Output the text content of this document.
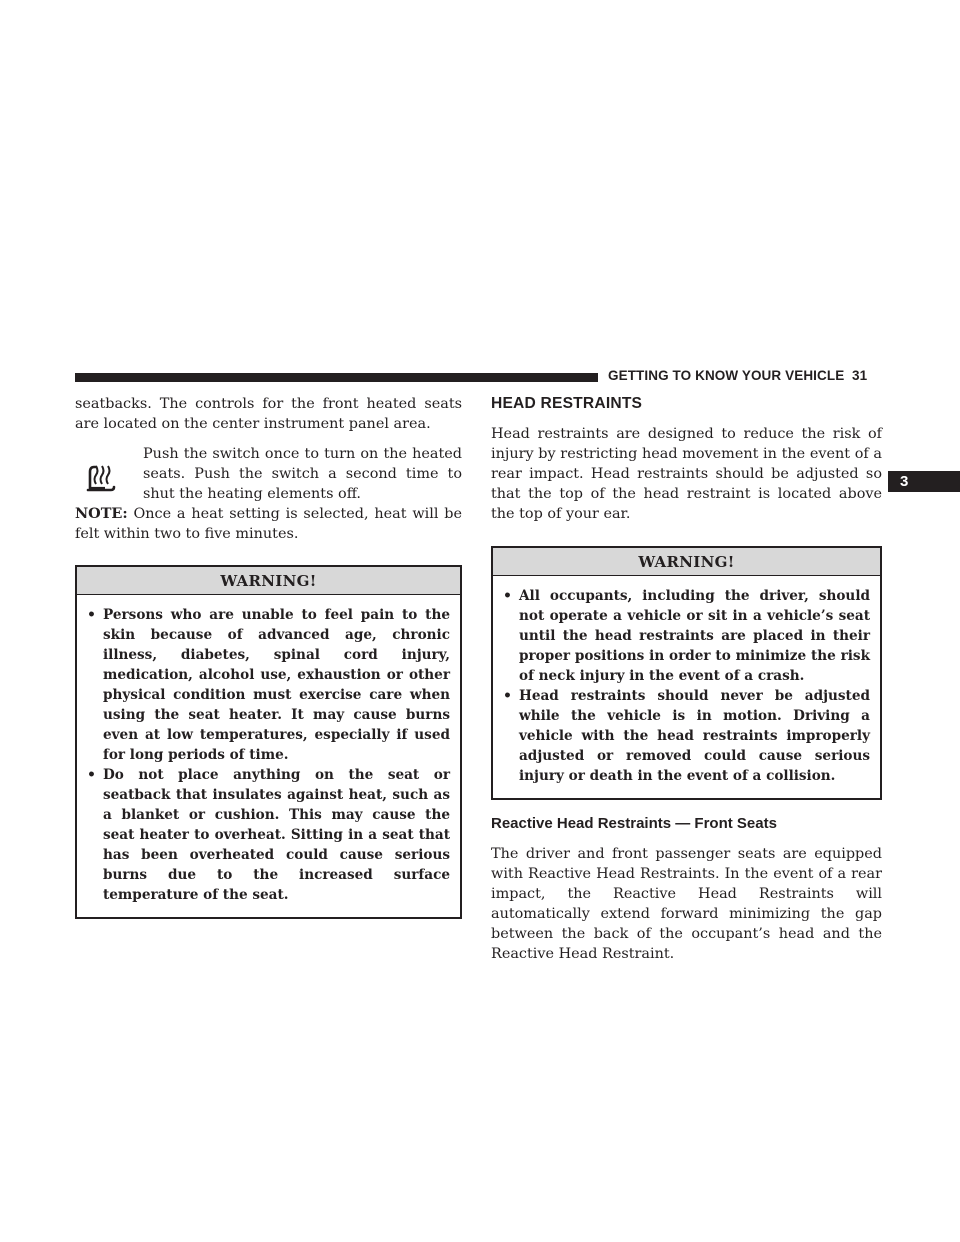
GETTING TO KNOW YOUR VEHICLE 31
3

seatbacks. The controls for the front heated seats are located on the center instrument panel area.

Push the switch once to turn on the heated seats. Push the switch a second time to shut the heating elements off.

NOTE: Once a heat setting is selected, heat will be felt within two to five minutes.

WARNING!
• Persons who are unable to feel pain to the skin because of advanced age, chronic illness, diabetes, spinal cord injury, medication, alcohol use, exhaustion or other physical condition must exercise care when using the seat heater. It may cause burns even at low temperatures, especially if used for long periods of time.
• Do not place anything on the seat or seatback that insulates against heat, such as a blanket or cushion. This may cause the seat heater to overheat. Sitting in a seat that has been overheated could cause serious burns due to the increased surface temperature of the seat.
HEAD RESTRAINTS

Head restraints are designed to reduce the risk of injury by restricting head movement in the event of a rear impact. Head restraints should be adjusted so that the top of the head restraint is located above the top of your ear.

WARNING!
• All occupants, including the driver, should not operate a vehicle or sit in a vehicle’s seat until the head restraints are placed in their proper positions in order to minimize the risk of neck injury in the event of a crash.
• Head restraints should never be adjusted while the vehicle is in motion. Driving a vehicle with the head restraints improperly adjusted or removed could cause serious injury or death in the event of a collision.
Reactive Head Restraints — Front Seats

The driver and front passenger seats are equipped with Reactive Head Restraints. In the event of a rear impact, the Reactive Head Restraints will automatically extend forward minimizing the gap between the back of the occupant’s head and the Reactive Head Restraint.
